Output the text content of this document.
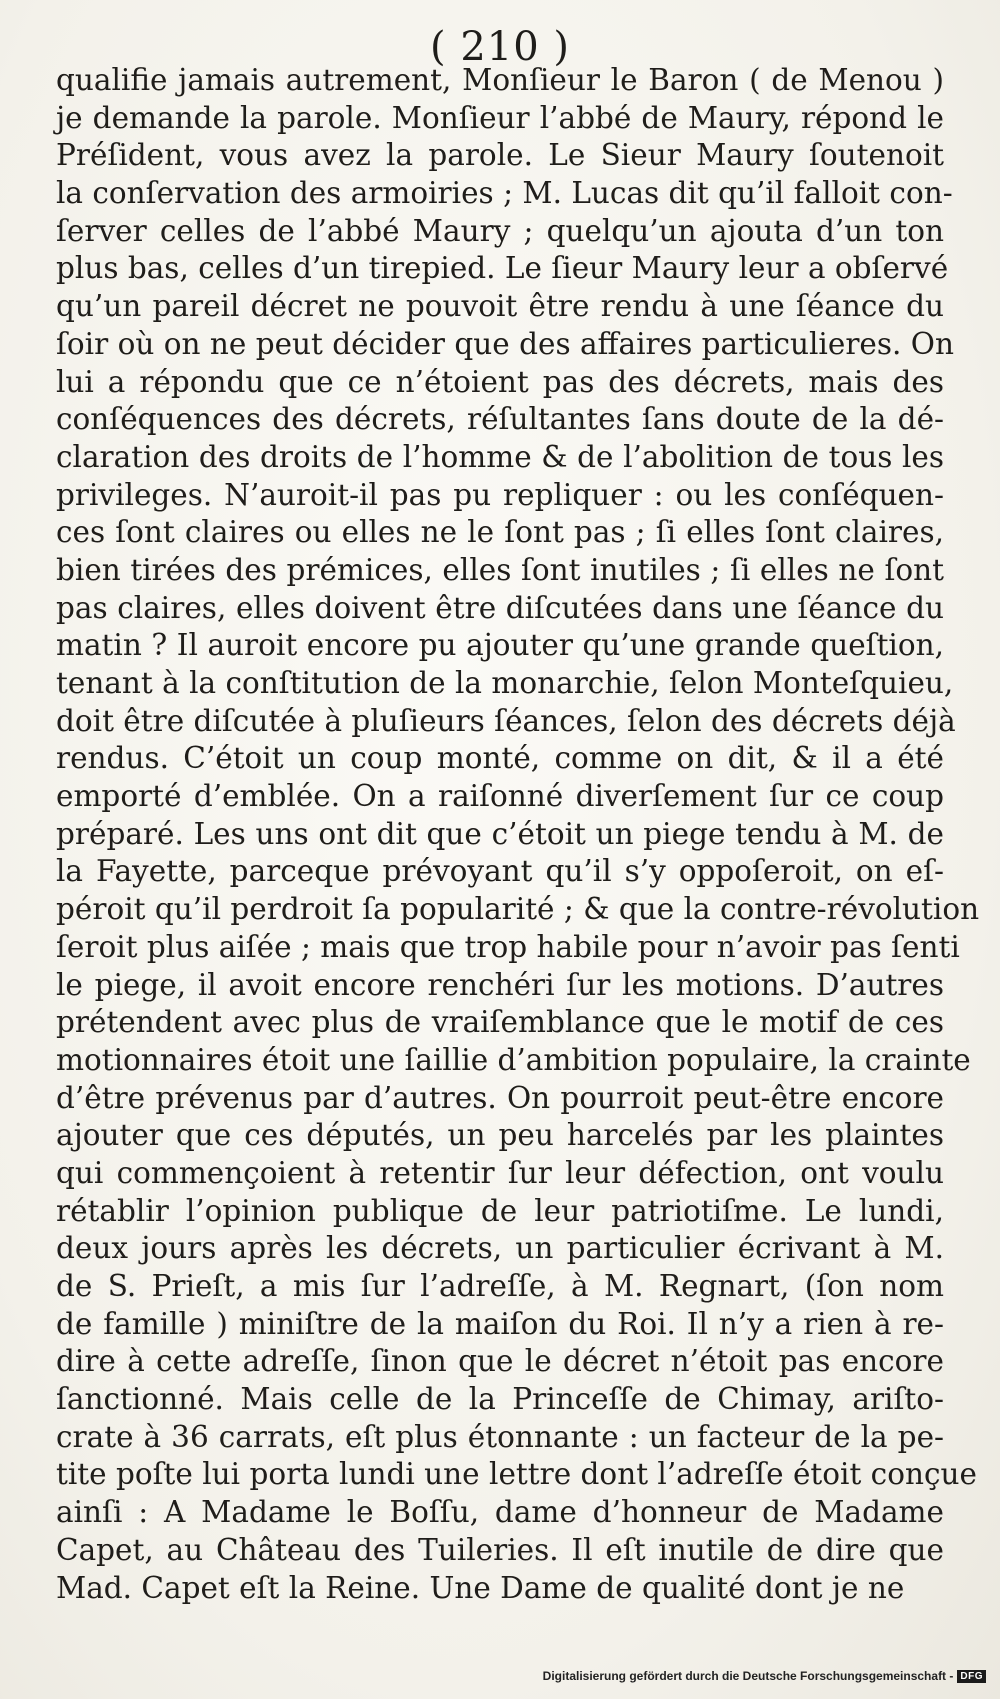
( 210 )
qualifie jamais autrement, Monſieur le Baron ( de Menou )
je demande la parole. Monſieur l’abbé de Maury, répond le
Préſident, vous avez la parole. Le Sieur Maury ſoutenoit
la conſervation des armoiries ; M. Lucas dit qu’il falloit con-
ſerver celles de l’abbé Maury ; quelqu’un ajouta d’un ton
plus bas, celles d’un tirepied. Le ſieur Maury leur a obſervé
qu’un pareil décret ne pouvoit être rendu à une ſéance du
ſoir où on ne peut décider que des affaires particulieres. On
lui a répondu que ce n’étoient pas des décrets, mais des
conſéquences des décrets, réſultantes ſans doute de la dé-
claration des droits de l’homme & de l’abolition de tous les
privileges. N’auroit-il pas pu repliquer : ou les conſéquen-
ces ſont claires ou elles ne le ſont pas ; ſi elles ſont claires,
bien tirées des prémices, elles ſont inutiles ; ſi elles ne ſont
pas claires, elles doivent être diſcutées dans une ſéance du
matin ? Il auroit encore pu ajouter qu’une grande queſtion,
tenant à la conſtitution de la monarchie, ſelon Monteſquieu,
doit être diſcutée à pluſieurs ſéances, ſelon des décrets déjà
rendus. C’étoit un coup monté, comme on dit, & il a été
emporté d’emblée. On a raiſonné diverſement ſur ce coup
préparé. Les uns ont dit que c’étoit un piege tendu à M. de
la Fayette, parceque prévoyant qu’il s’y oppoſeroit, on eſ-
péroit qu’il perdroit ſa popularité ; & que la contre-révolution
ſeroit plus aiſée ; mais que trop habile pour n’avoir pas ſenti
le piege, il avoit encore renchéri ſur les motions. D’autres
prétendent avec plus de vraiſemblance que le motif de ces
motionnaires étoit une ſaillie d’ambition populaire, la crainte
d’être prévenus par d’autres. On pourroit peut-être encore
ajouter que ces députés, un peu harcelés par les plaintes
qui commençoient à retentir ſur leur défection, ont voulu
rétablir l’opinion publique de leur patriotiſme. Le lundi,
deux jours après les décrets, un particulier écrivant à M.
de S. Prieſt, a mis ſur l’adreſſe, à M. Regnart, (ſon nom
de famille ) miniſtre de la maiſon du Roi. Il n’y a rien à re-
dire à cette adreſſe, ſinon que le décret n’étoit pas encore
ſanctionné. Mais celle de la Princeſſe de Chimay, ariſto-
crate à 36 carrats, eſt plus étonnante : un facteur de la pe-
tite poſte lui porta lundi une lettre dont l’adreſſe étoit conçue
ainſi : A Madame le Boſſu, dame d’honneur de Madame
Capet, au Château des Tuileries. Il eſt inutile de dire que
Mad. Capet eſt la Reine. Une Dame de qualité dont je ne
Digitalisierung gefördert durch die Deutsche Forschungsgemeinschaft - DFG
